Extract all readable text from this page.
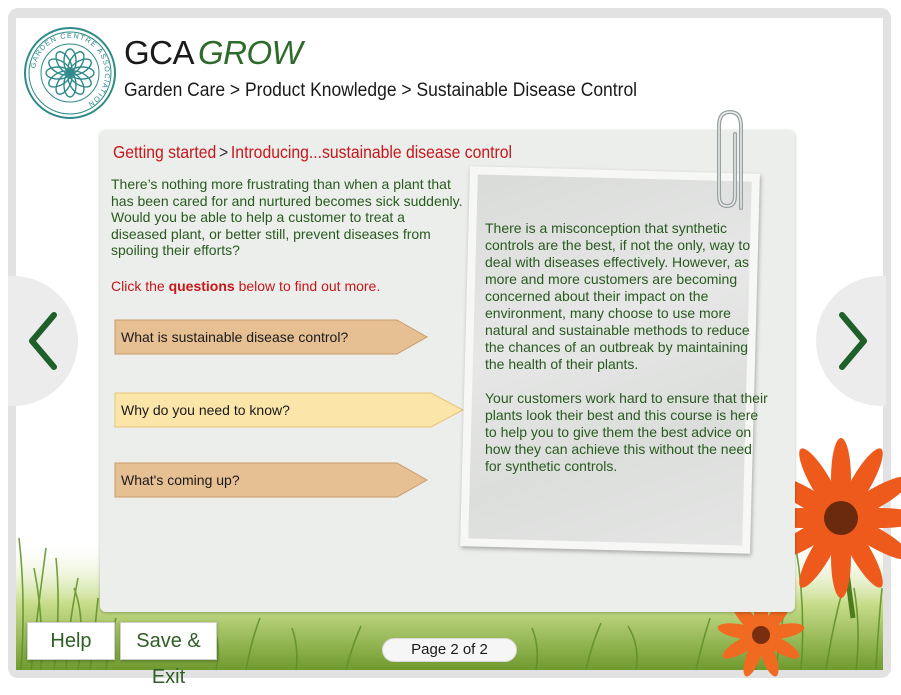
GARDEN CENTRE ASSOCIATION
GCA GROW
Garden Care > Product Knowledge > Sustainable Disease Control
Getting started > Introducing...sustainable disease control
There’s nothing more frustrating than when a plant that has been cared for and nurtured becomes sick suddenly. Would you be able to help a customer to treat a diseased plant, or better still, prevent diseases from spoiling their efforts?
Click the questions below to find out more.
What is sustainable disease control?
Why do you need to know?
What's coming up?

There is a misconception that synthetic controls are the best, if not the only, way to deal with diseases effectively. However, as more and more customers are becoming concerned about their impact on the environment, many choose to use more natural and sustainable methods to reduce the chances of an outbreak by maintaining the health of their plants.

Your customers work hard to ensure that their plants look their best and this course is here to help you to give them the best advice on how they can achieve this without the need for synthetic controls.

Help	Save & Exit
Page 2 of 2
